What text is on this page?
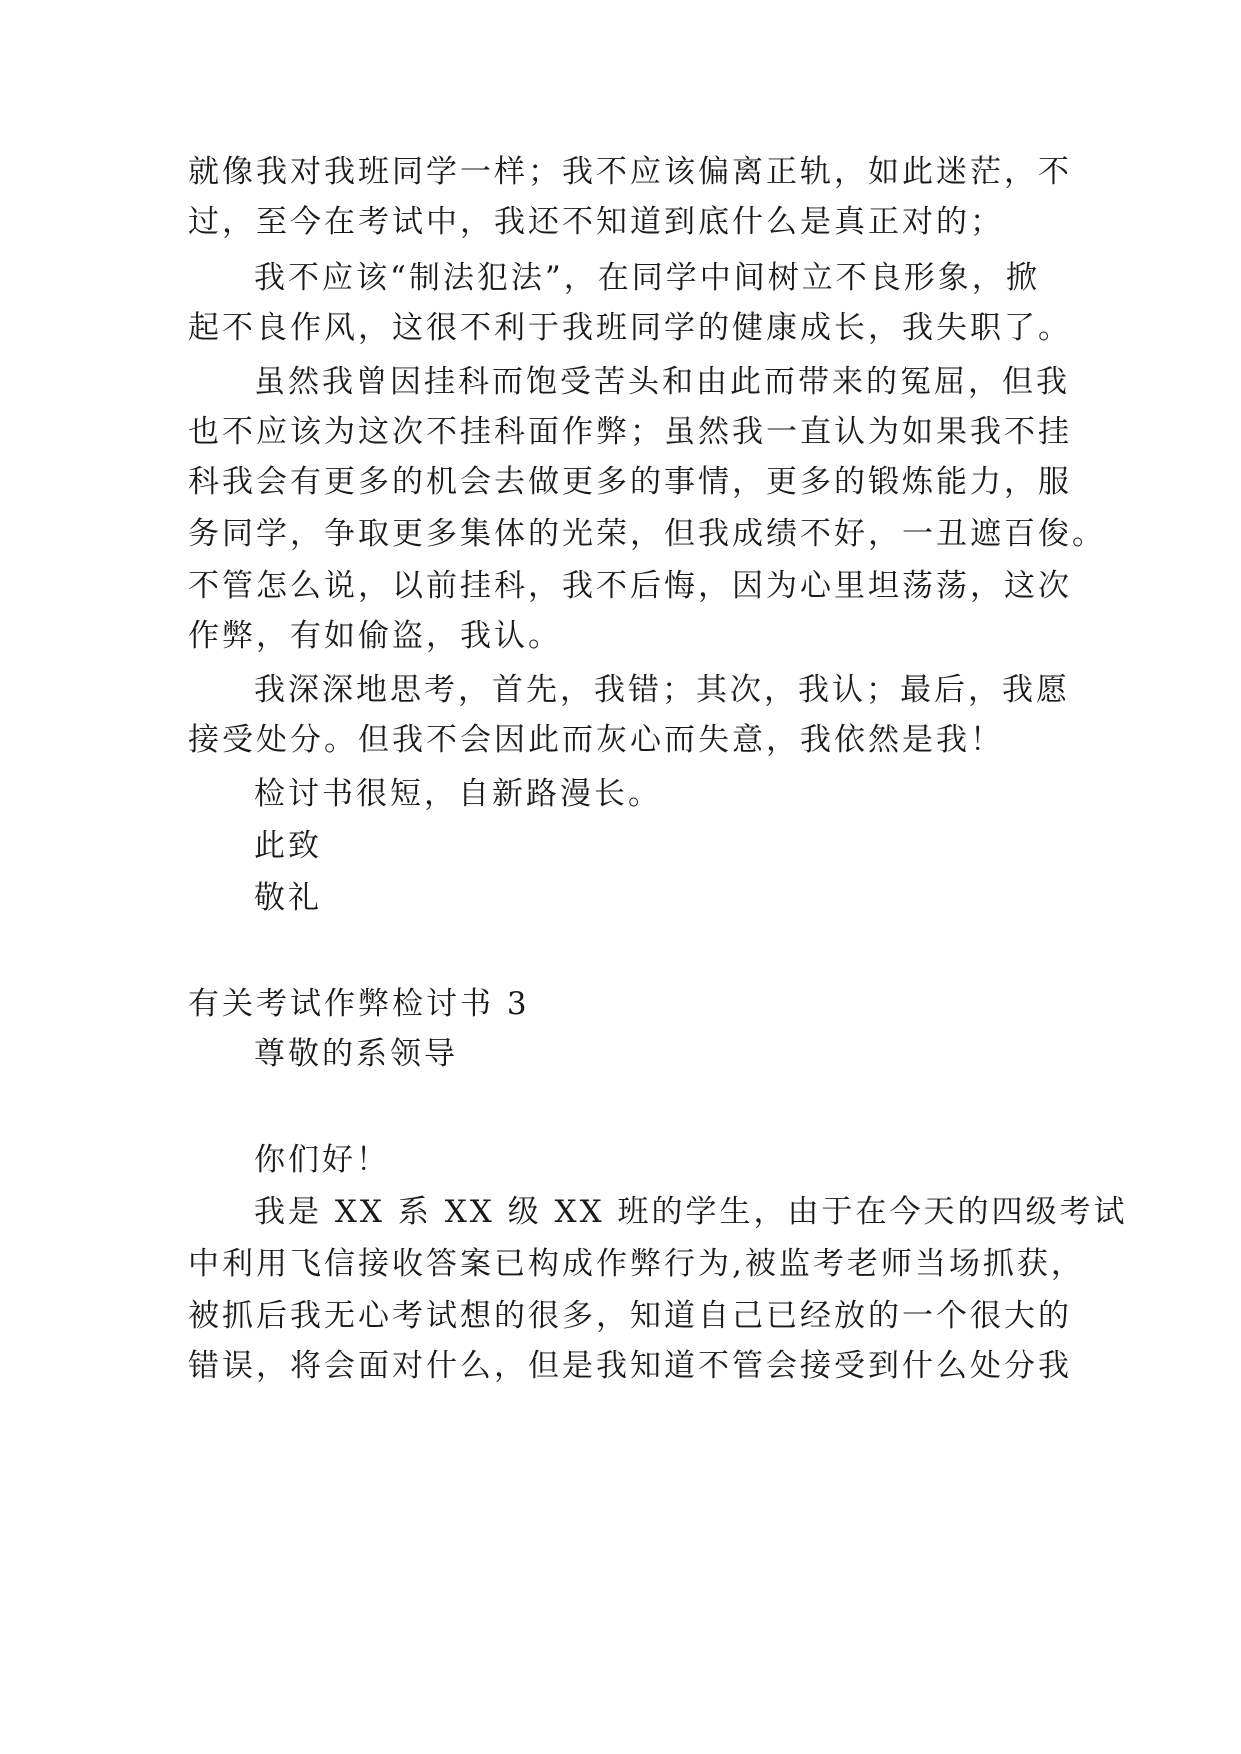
就像我对我班同学一样；我不应该偏离正轨，如此迷茫，不
过，至今在考试中，我还不知道到底什么是真正对的；
我不应该“制法犯法”，在同学中间树立不良形象，掀
起不良作风，这很不利于我班同学的健康成长，我失职了。
虽然我曾因挂科而饱受苦头和由此而带来的冤屈，但我
也不应该为这次不挂科面作弊；虽然我一直认为如果我不挂
科我会有更多的机会去做更多的事情，更多的锻炼能力，服
务同学，争取更多集体的光荣，但我成绩不好，一丑遮百俊。
不管怎么说，以前挂科，我不后悔，因为心里坦荡荡，这次
作弊，有如偷盗，我认。
我深深地思考，首先，我错；其次，我认；最后，我愿
接受处分。但我不会因此而灰心而失意，我依然是我！
检讨书很短，自新路漫长。
此致
敬礼
有关考试作弊检讨书 3
尊敬的系领导
你们好！
我是 XX 系 XX 级 XX 班的学生，由于在今天的四级考试
中利用飞信接收答案已构成作弊行为,被监考老师当场抓获，
被抓后我无心考试想的很多，知道自己已经放的一个很大的
错误，将会面对什么，但是我知道不管会接受到什么处分我
